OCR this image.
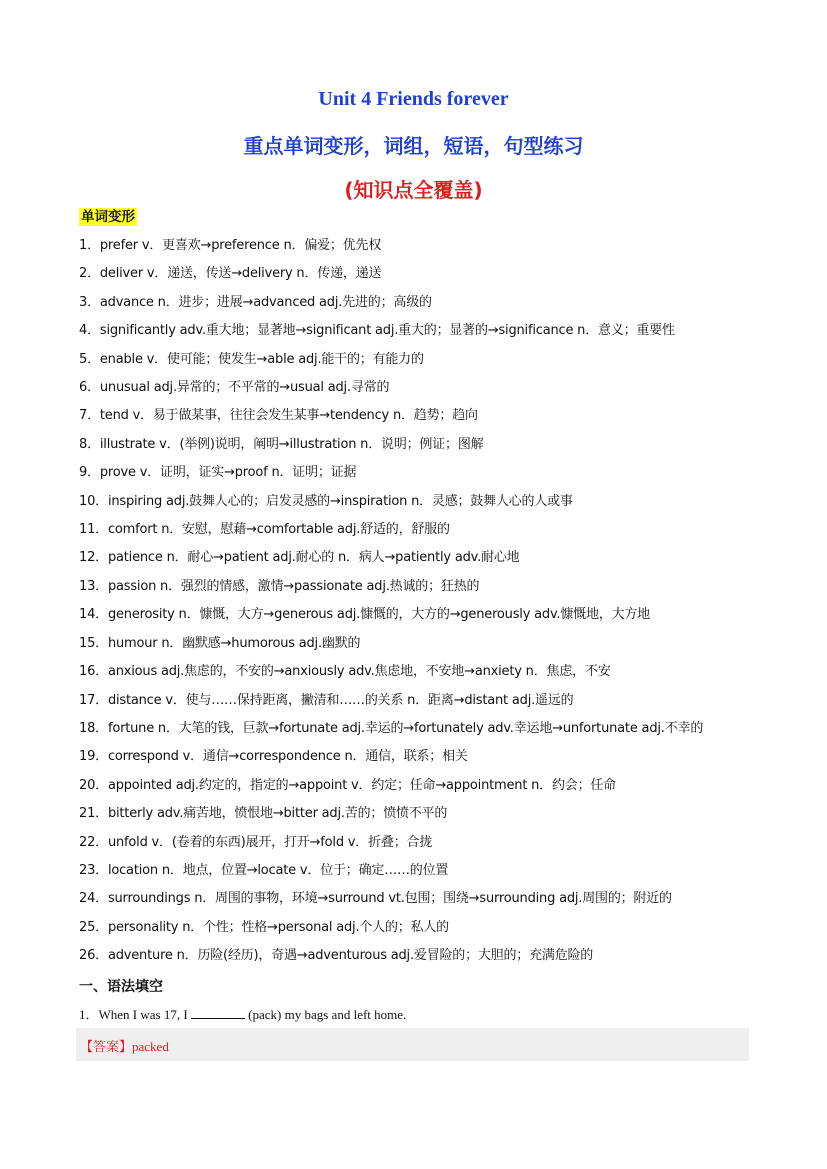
Unit 4 Friends forever
重点单词变形，词组，短语，句型练习
(知识点全覆盖)
单词变形
1．prefer v．更喜欢→preference n．偏爱；优先权
2．deliver v．递送，传送→delivery n．传递，递送
3．advance n．进步；进展→advanced adj.先进的；高级的
4．significantly adv.重大地；显著地→significant adj.重大的；显著的→significance n．意义；重要性
5．enable v．使可能；使发生→able adj.能干的；有能力的
6．unusual adj.异常的；不平常的→usual adj.寻常的
7．tend v．易于做某事，往往会发生某事→tendency n．趋势；趋向
8．illustrate v．(举例)说明，阐明→illustration n．说明；例证；图解
9．prove v．证明，证实→proof n．证明；证据
10．inspiring adj.鼓舞人心的；启发灵感的→inspiration n．灵感；鼓舞人心的人或事
11．comfort n．安慰，慰藉→comfortable adj.舒适的，舒服的
12．patience n．耐心→patient adj.耐心的 n．病人→patiently adv.耐心地
13．passion n．强烈的情感，激情→passionate adj.热诚的；狂热的
14．generosity n．慷慨，大方→generous adj.慷慨的，大方的→generously adv.慷慨地，大方地
15．humour n．幽默感→humorous adj.幽默的
16．anxious adj.焦虑的，不安的→anxiously adv.焦虑地，不安地→anxiety n．焦虑，不安
17．distance v．使与……保持距离，撇清和……的关系 n．距离→distant adj.遥远的
18．fortune n．大笔的钱，巨款→fortunate adj.幸运的→fortunately adv.幸运地→unfortunate adj.不幸的
19．correspond v．通信→correspondence n．通信，联系；相关
20．appointed adj.约定的，指定的→appoint v．约定；任命→appointment n．约会；任命
21．bitterly adv.痛苦地，愤恨地→bitter adj.苦的；愤愤不平的
22．unfold v．(卷着的东西)展开，打开→fold v．折叠；合拢
23．location n．地点，位置→locate v．位于；确定……的位置
24．surroundings n．周围的事物，环境→surround vt.包围；围绕→surrounding adj.周围的；附近的
25．personality n．个性；性格→personal adj.个人的；私人的
26．adventure n．历险(经历)，奇遇→adventurous adj.爱冒险的；大胆的；充满危险的
一、语法填空
1．When I was 17, I	(pack) my bags and left home.
【答案】packed
